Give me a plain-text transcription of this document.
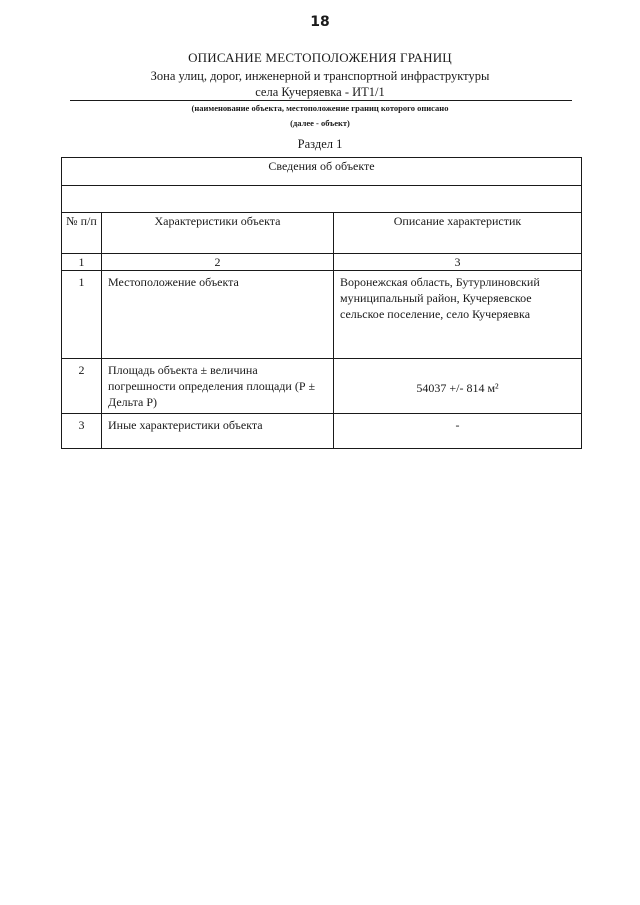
18
ОПИСАНИЕ МЕСТОПОЛОЖЕНИЯ ГРАНИЦ
Зона улиц, дорог, инженерной и транспортной инфраструктуры
села Кучеряевка - ИТ1/1
(наименование объекта, местоположение границ которого описано
(далее - объект)
Раздел 1
Сведения об объекте		

№ п/п	Характеристики объекта	Описание характеристик
1	2	3
1	Местоположение объекта	Воронежская область, Бутурлиновский муниципальный район, Кучеряевское сельское поселение, село Кучеряевка
2	Площадь объекта ± величина погрешности определения площади (Р ± Дельта Р)	54037 +/- 814 м²
3	Иные характеристики объекта	-
